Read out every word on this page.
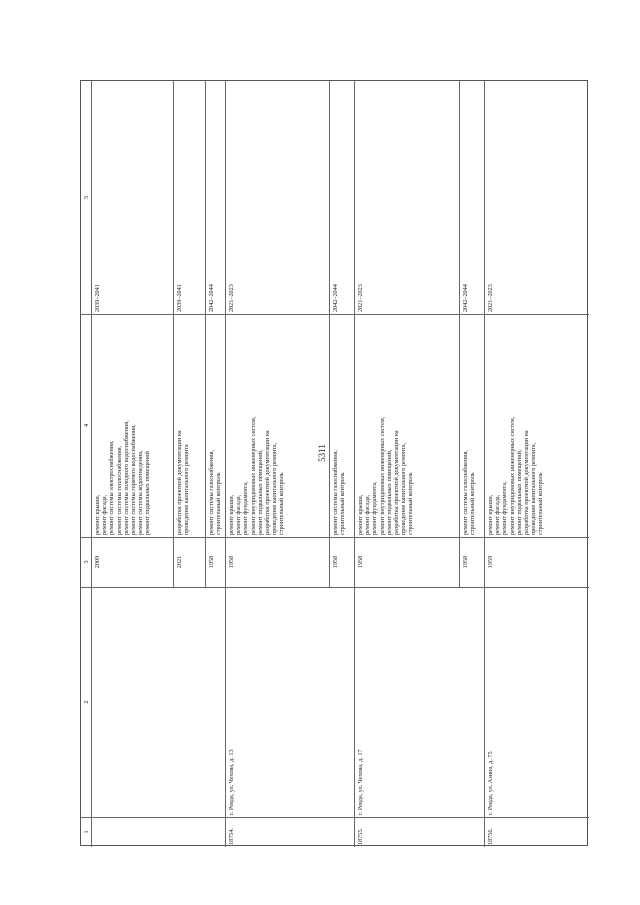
5311
1
2
3
4
5
2009
ремонт крыши, ремонт фасада, ремонт системы электроснабжения, ремонт системы теплоснабжения, ремонт системы холодного водоснабжения, ремонт системы горячего водоснабжения, ремонт системы водоотведения, ремонт подвальных помещений
2039–2041
2021
разработка проектной документации на проведение капитального ремонта
2039–2041
1958
ремонт системы газоснабжения, строительный контроль
2042–2044
18754.
г. Ревда, ул. Чехова, д. 13
1958
ремонт крыши, ремонт фасада, ремонт фундамента, ремонт внутридомовых инженерных систем, ремонт подвальных помещений, разработка проектной документации на проведение капитального ремонта, строительный контроль
2021–2023
1958
ремонт системы газоснабжения, строительный контроль
2042–2044
18755.
г. Ревда, ул. Чехова, д. 17
1958
ремонт крыши, ремонт фасада, ремонт фундамента, ремонт внутридомовых инженерных систем, ремонт подвальных помещений, разработка проектной документации на проведение капитального ремонта, строительный контроль
2021–2023
1958
ремонт системы газоснабжения, строительный контроль
2042–2044
18756.
г. Ревда, ул. Азина, д. 75
1959
ремонт крыши, ремонт фасада, ремонт фундамента, ремонт внутридомовых инженерных систем, ремонт подвальных помещений, разработка проектной документации на проведение капитального ремонта, строительный контроль
2021–2023
